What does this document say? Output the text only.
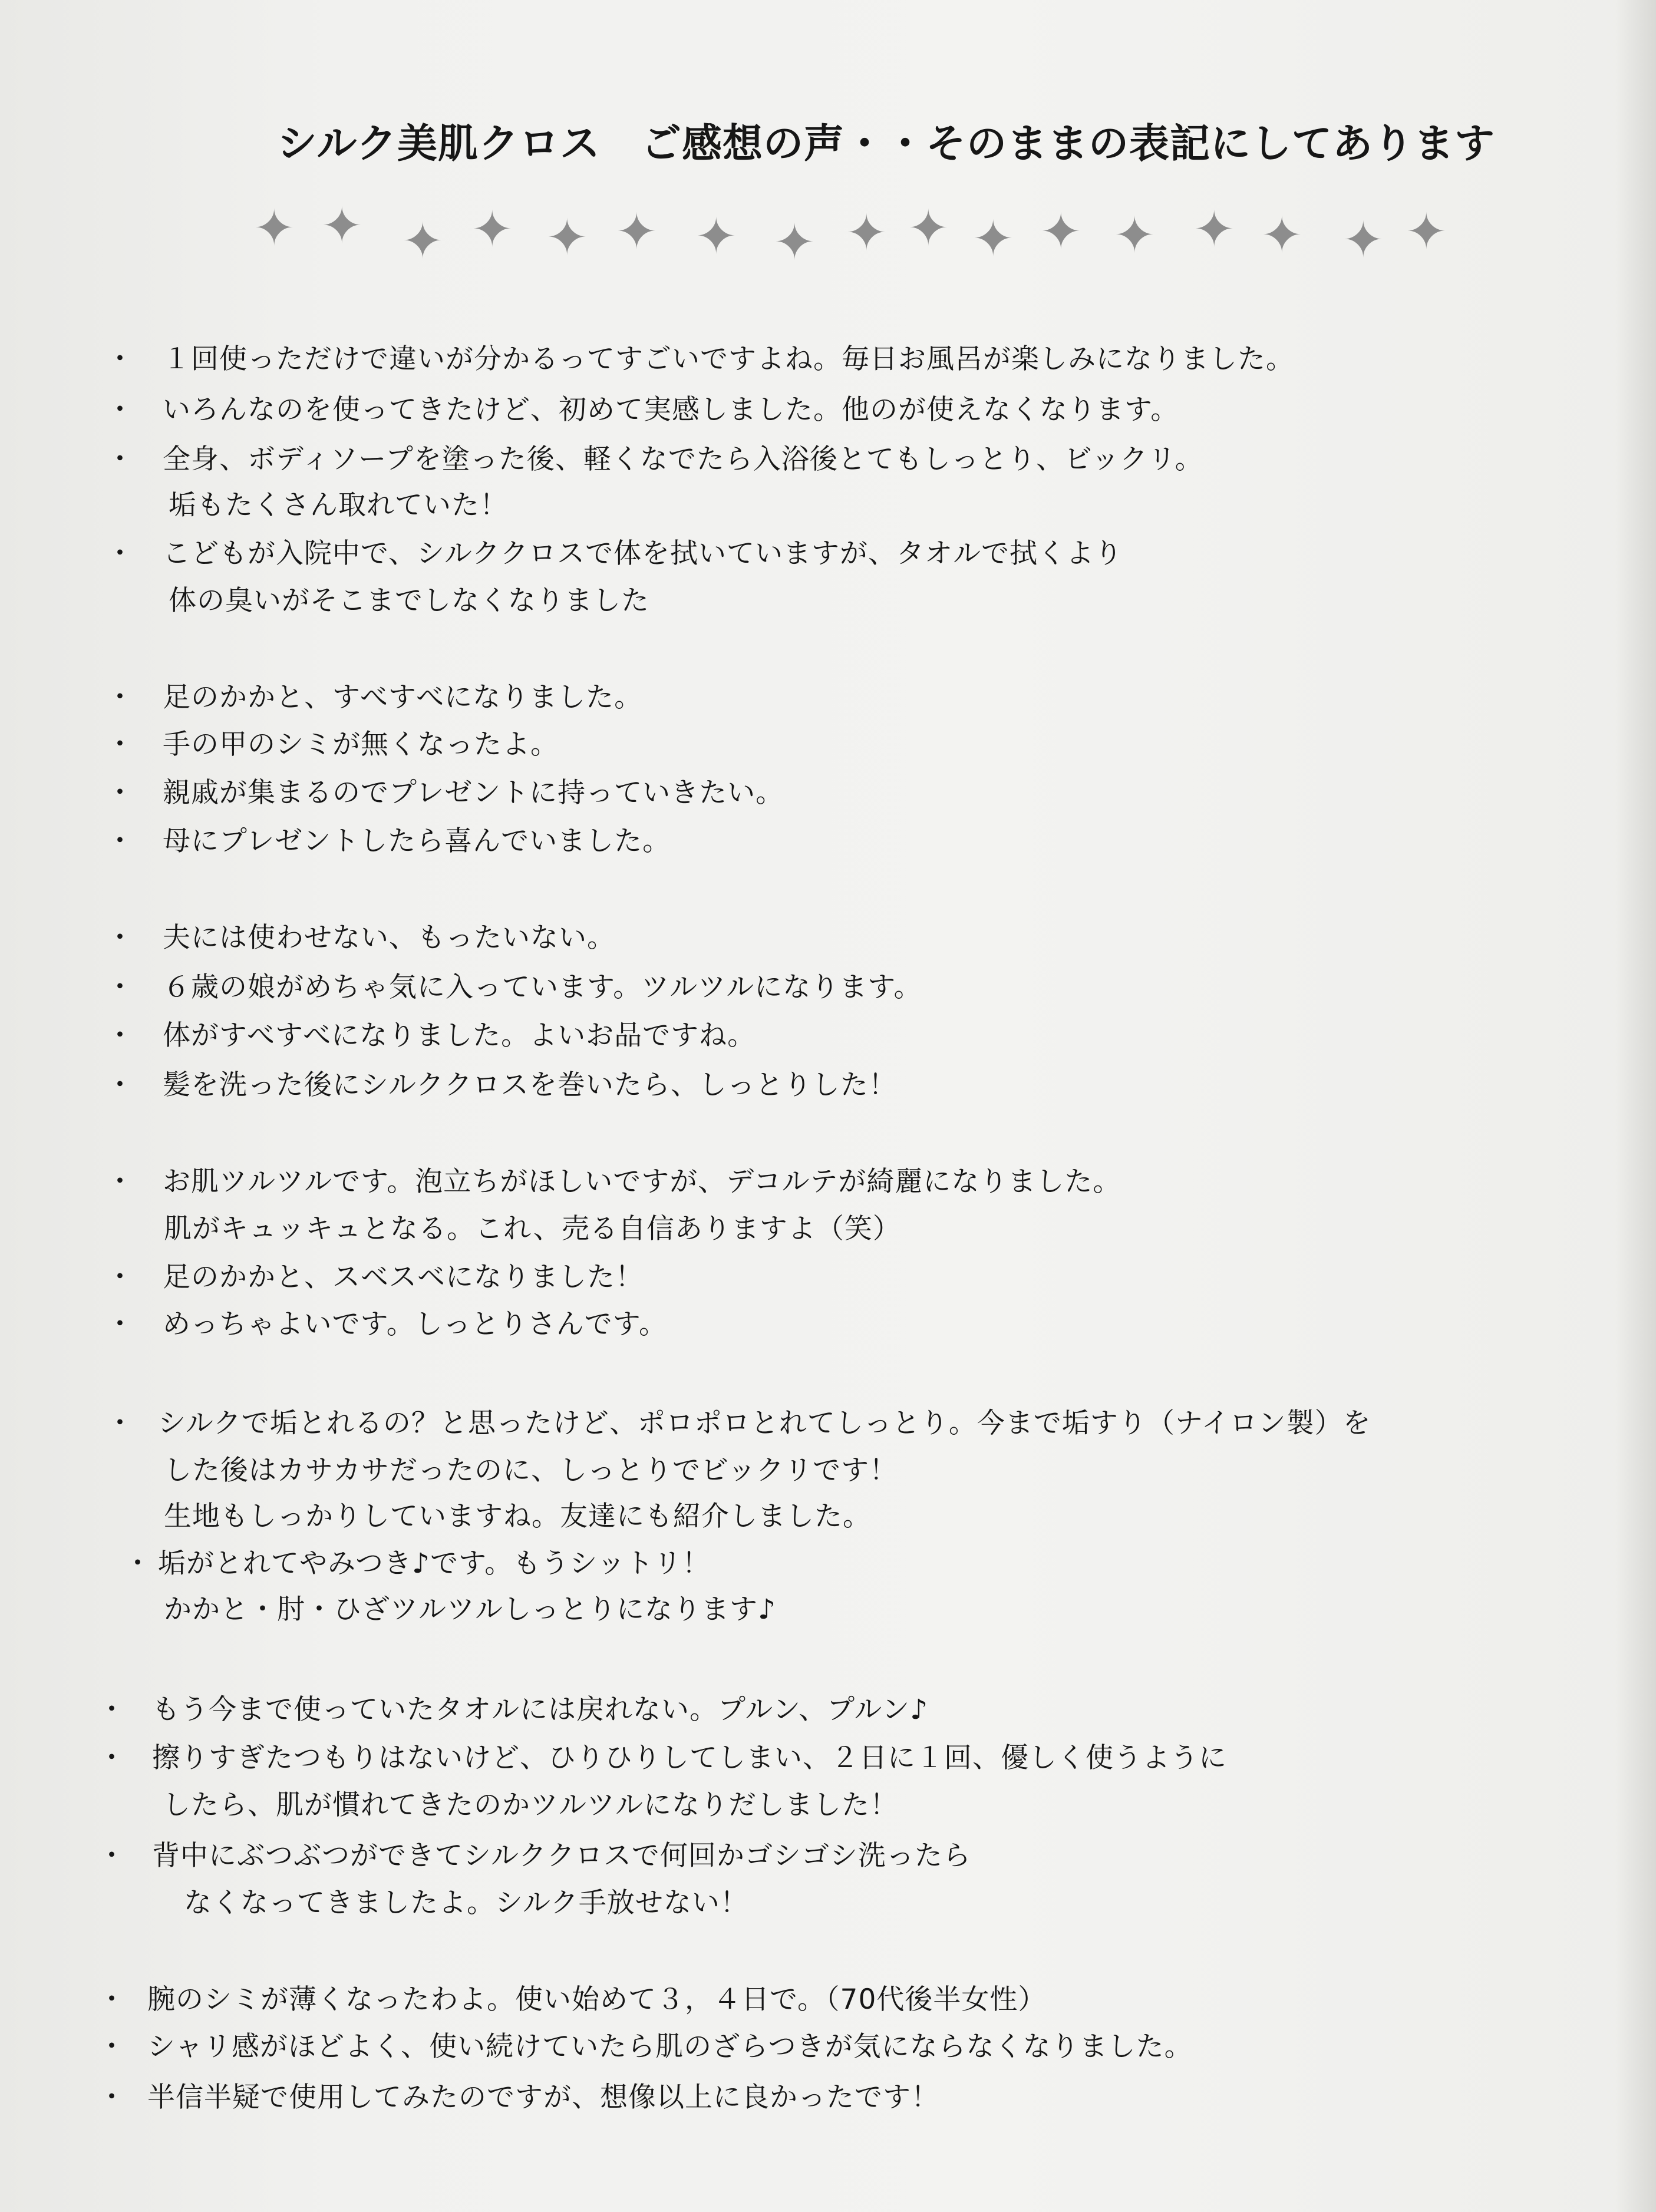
シルク美肌クロス　ご感想の声・・そのままの表記にしてあります
✦ ✦ ✦ ✦ ✦ ✦ ✦ ✦ ✦ ✦ ✦ ✦ ✦ ✦ ✦ ✦ ✦
・ １回使っただけで違いが分かるってすごいですよね。毎日お風呂が楽しみになりました。
・ いろんなのを使ってきたけど、初めて実感しました。他のが使えなくなります。
・ 全身、ボディソープを塗った後、軽くなでたら入浴後とてもしっとり、ビックリ。
垢もたくさん取れていた！
・ こどもが入院中で、シルククロスで体を拭いていますが、タオルで拭くより
体の臭いがそこまでしなくなりました
・ 足のかかと、すべすべになりました。
・ 手の甲のシミが無くなったよ。
・ 親戚が集まるのでプレゼントに持っていきたい。
・ 母にプレゼントしたら喜んでいました。
・ 夫には使わせない、もったいない。
・ ６歳の娘がめちゃ気に入っています。ツルツルになります。
・ 体がすべすべになりました。よいお品ですね。
・ 髪を洗った後にシルククロスを巻いたら、しっとりした！
・ お肌ツルツルです。泡立ちがほしいですが、デコルテが綺麗になりました。
肌がキュッキュとなる。これ、売る自信ありますよ（笑）
・ 足のかかと、スベスベになりました！
・ めっちゃよいです。しっとりさんです。
・ シルクで垢とれるの？と思ったけど、ポロポロとれてしっとり。今まで垢すり（ナイロン製）を
した後はカサカサだったのに、しっとりでビックリです！
生地もしっかりしていますね。友達にも紹介しました。
・ 垢がとれてやみつき♪です。もうシットリ！
かかと・肘・ひざツルツルしっとりになります♪
・ もう今まで使っていたタオルには戻れない。プルン、プルン♪
・ 擦りすぎたつもりはないけど、ひりひりしてしまい、２日に１回、優しく使うように
したら、肌が慣れてきたのかツルツルになりだしました！
・ 背中にぶつぶつができてシルククロスで何回かゴシゴシ洗ったら
なくなってきましたよ。シルク手放せない！
・ 腕のシミが薄くなったわよ。使い始めて３，４日で。（70代後半女性）
・ シャリ感がほどよく、使い続けていたら肌のざらつきが気にならなくなりました。
・ 半信半疑で使用してみたのですが、想像以上に良かったです！
